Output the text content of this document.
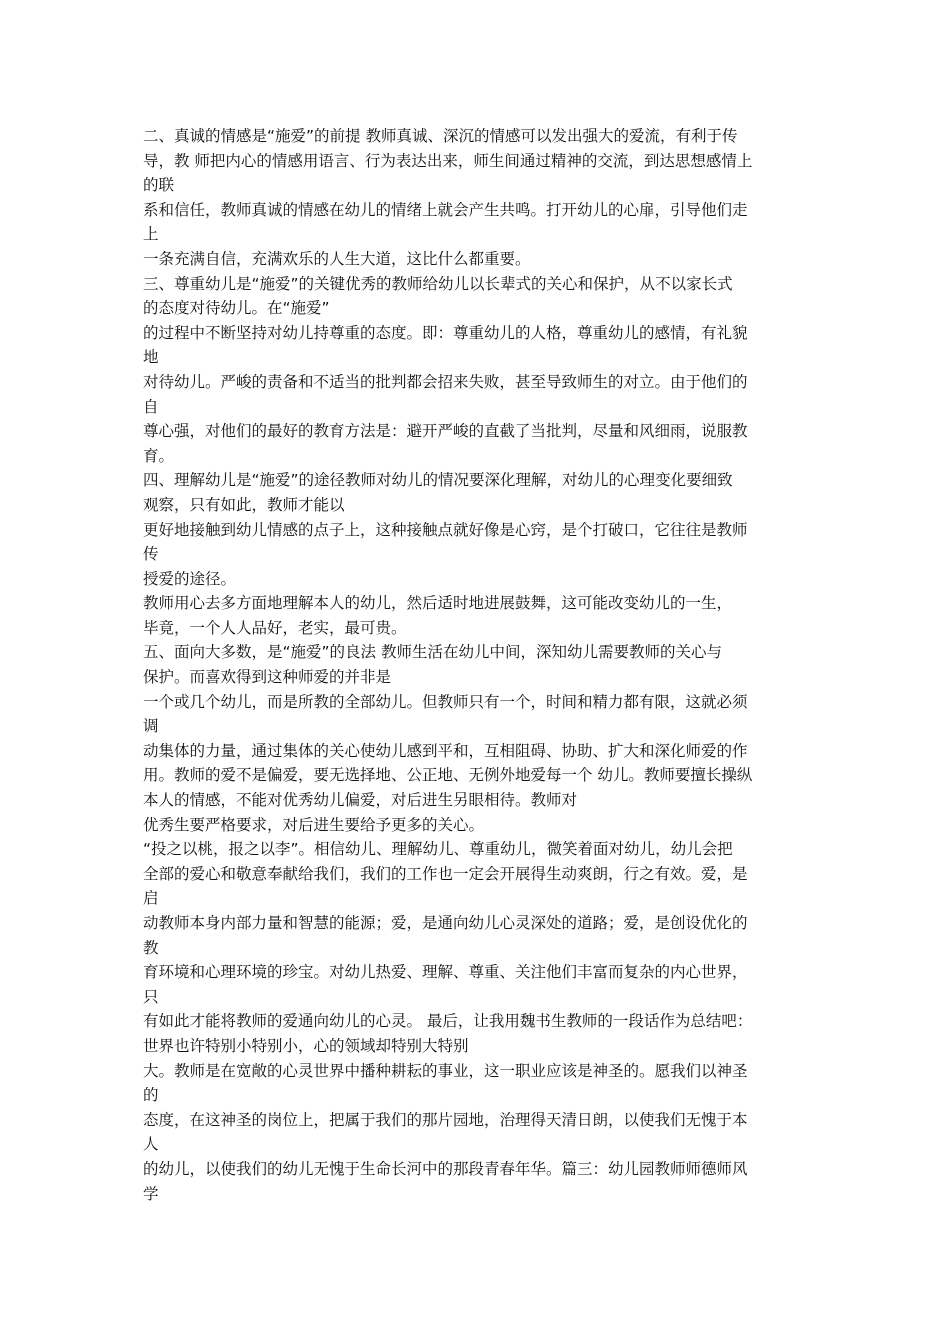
二、真诚的情感是“施爱”的前提 教师真诚、深沉的情感可以发出强大的爱流，有利于传
导，教 师把内心的情感用语言、行为表达出来，师生间通过精神的交流，到达思想感情上
的联
系和信任，教师真诚的情感在幼儿的情绪上就会产生共鸣。打开幼儿的心扉，引导他们走
上
一条充满自信，充满欢乐的人生大道，这比什么都重要。
三、尊重幼儿是“施爱”的关键优秀的教师给幼儿以长辈式的关心和保护，从不以家长式
的态度对待幼儿。在“施爱”
的过程中不断坚持对幼儿持尊重的态度。即：尊重幼儿的人格，尊重幼儿的感情，有礼貌
地
对待幼儿。严峻的责备和不适当的批判都会招来失败，甚至导致师生的对立。由于他们的
自
尊心强，对他们的最好的教育方法是：避开严峻的直截了当批判，尽量和风细雨，说服教
育。
四、理解幼儿是“施爱”的途径教师对幼儿的情况要深化理解，对幼儿的心理变化要细致
观察，只有如此，教师才能以
更好地接触到幼儿情感的点子上，这种接触点就好像是心窍，是个打破口，它往往是教师
传
授爱的途径。
教师用心去多方面地理解本人的幼儿，然后适时地进展鼓舞，这可能改变幼儿的一生，
毕竟，一个人人品好，老实，最可贵。
五、面向大多数，是“施爱”的良法 教师生活在幼儿中间，深知幼儿需要教师的关心与
保护。而喜欢得到这种师爱的并非是
一个或几个幼儿，而是所教的全部幼儿。但教师只有一个，时间和精力都有限，这就必须
调
动集体的力量，通过集体的关心使幼儿感到平和，互相阻碍、协助、扩大和深化师爱的作
用。教师的爱不是偏爱，要无选择地、公正地、无例外地爱每一个 幼儿。教师要擅长操纵
本人的情感，不能对优秀幼儿偏爱，对后进生另眼相待。教师对
优秀生要严格要求，对后进生要给予更多的关心。
“投之以桃，报之以李”。相信幼儿、理解幼儿、尊重幼儿，微笑着面对幼儿，幼儿会把
全部的爱心和敬意奉献给我们，我们的工作也一定会开展得生动爽朗，行之有效。爱，是
启
动教师本身内部力量和智慧的能源；爱，是通向幼儿心灵深处的道路；爱，是创设优化的
教
育环境和心理环境的珍宝。对幼儿热爱、理解、尊重、关注他们丰富而复杂的内心世界，
只
有如此才能将教师的爱通向幼儿的心灵。 最后，让我用魏书生教师的一段话作为总结吧：
世界也许特别小特别小，心的领域却特别大特别
大。教师是在宽敞的心灵世界中播种耕耘的事业，这一职业应该是神圣的。愿我们以神圣
的
态度，在这神圣的岗位上，把属于我们的那片园地，治理得天清日朗，以使我们无愧于本
人
的幼儿，以使我们的幼儿无愧于生命长河中的那段青春年华。篇三：幼儿园教师师德师风
学
